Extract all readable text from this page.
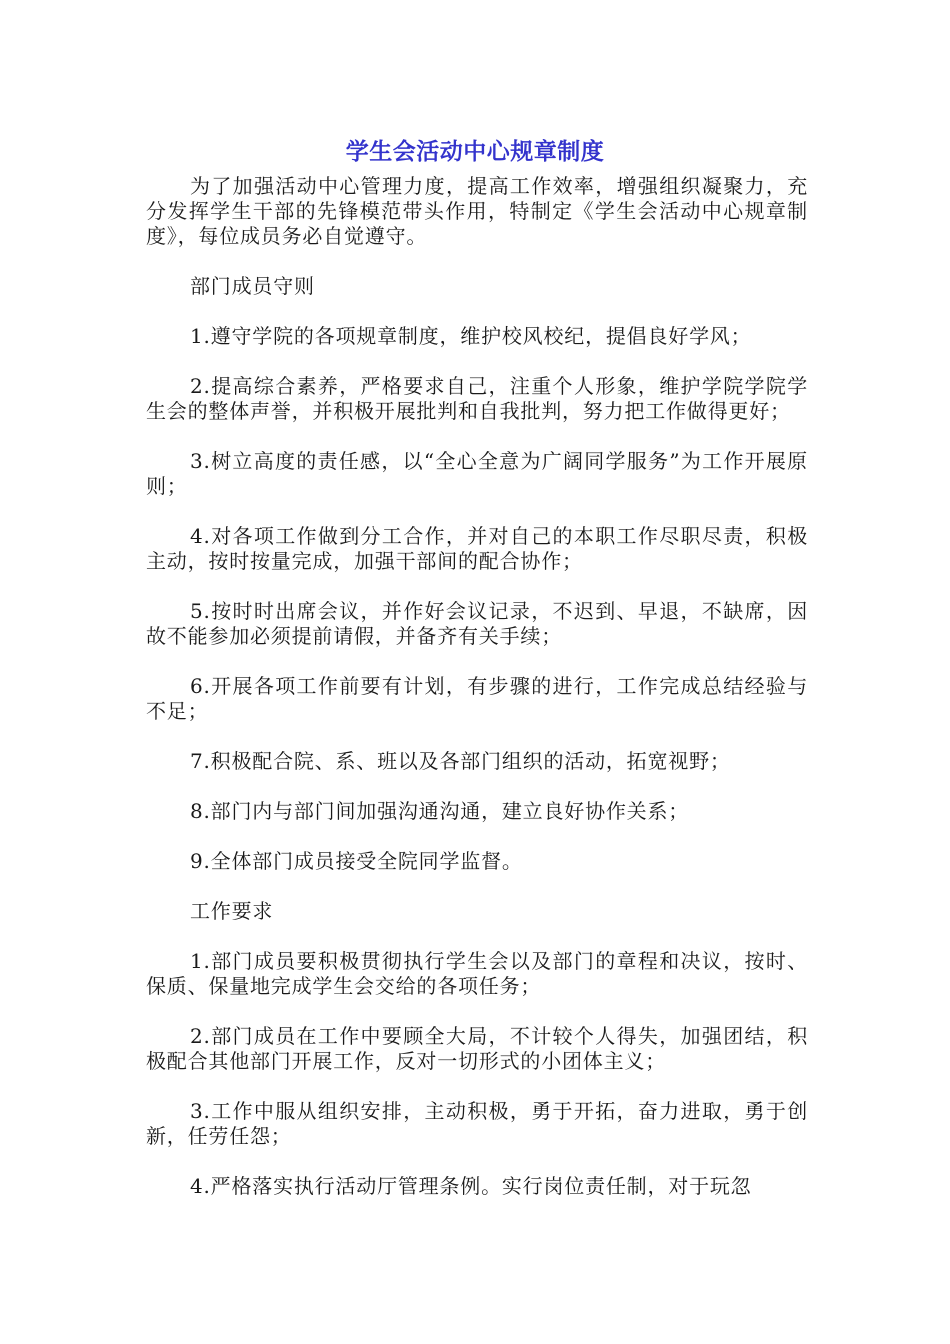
学生会活动中心规章制度

为了加强活动中心管理力度，提高工作效率，增强组织凝聚力，充分发挥学生干部的先锋模范带头作用，特制定《学生会活动中心规章制度》，每位成员务必自觉遵守。

部门成员守则

1.遵守学院的各项规章制度，维护校风校纪，提倡良好学风；

2.提高综合素养，严格要求自己，注重个人形象，维护学院学院学生会的整体声誉，并积极开展批判和自我批判，努力把工作做得更好；

3.树立高度的责任感，以“全心全意为广阔同学服务”为工作开展原则；

4.对各项工作做到分工合作，并对自己的本职工作尽职尽责，积极主动，按时按量完成，加强干部间的配合协作；

5.按时时出席会议，并作好会议记录，不迟到、早退，不缺席，因故不能参加必须提前请假，并备齐有关手续；

6.开展各项工作前要有计划，有步骤的进行，工作完成总结经验与不足；

7.积极配合院、系、班以及各部门组织的活动，拓宽视野；

8.部门内与部门间加强沟通沟通，建立良好协作关系；

9.全体部门成员接受全院同学监督。

工作要求

1.部门成员要积极贯彻执行学生会以及部门的章程和决议，按时、保质、保量地完成学生会交给的各项任务；

2.部门成员在工作中要顾全大局，不计较个人得失，加强团结，积极配合其他部门开展工作，反对一切形式的小团体主义；

3.工作中服从组织安排，主动积极，勇于开拓，奋力进取，勇于创新，任劳任怨；

4.严格落实执行活动厅管理条例。实行岗位责任制，对于玩忽
